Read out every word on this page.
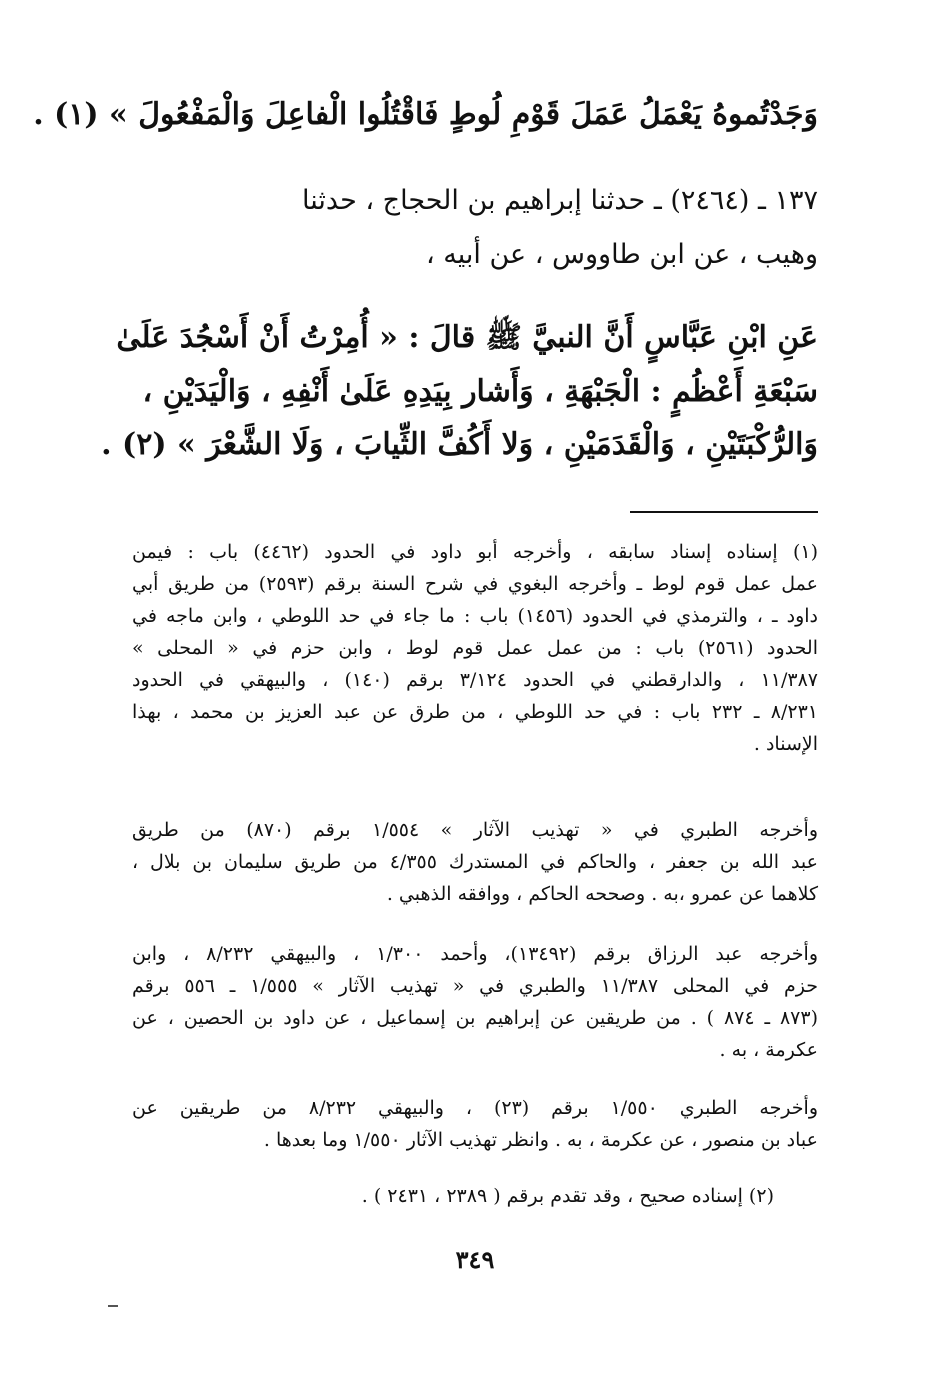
وَجَدْتُموهُ يَعْمَلُ عَمَلَ قَوْمِ لُوطٍ فَاقْتُلُوا الْفاعِلَ وَالْمَفْعُولَ » (١) .
١٣٧ ـ (٢٤٦٤) ـ حدثنا إبراهيم بن الحجاج ، حدثنا
وهيب ، عن ابن طاووس ، عن أبيه ،
عَنِ ابْنِ عَبَّاسٍ أَنَّ النبيَّ ﷺ قالَ : « أُمِرْتُ أَنْ أَسْجُدَ عَلَىٰ
سَبْعَةِ أَعْظُمٍ : الْجَبْهَةِ ، وَأَشار بِيَدِهِ عَلَىٰ أَنْفِهِ ، وَالْيَدَيْنِ ،
وَالرُّكْبَتَيْنِ ، وَالْقَدَمَيْنِ ، وَلا أَكُفَّ الثِّيابَ ، وَلَا الشَّعْرَ » (٢) .
(١) إسناده إسناد سابقه ، وأخرجه أبو داود في الحدود (٤٤٦٢) باب : فيمن
عمل عمل قوم لوط ـ وأخرجه البغوي في شرح السنة برقم (٢٥٩٣) من طريق أبي
داود ـ ، والترمذي في الحدود (١٤٥٦) باب : ما جاء في حد اللوطي ، وابن ماجه في
الحدود (٢٥٦١) باب : من عمل عمل قوم لوط ، وابن حزم في « المحلى »
١١/٣٨٧ ، والدارقطني في الحدود ٣/١٢٤ برقم (١٤٠) ، والبيهقي في الحدود
٨/٢٣١ ـ ٢٣٢ باب : في حد اللوطي ، من طرق عن عبد العزيز بن محمد ، بهذا
الإسناد .
وأخرجه الطبري في « تهذيب الآثار » ١/٥٥٤ برقم (٨٧٠) من طريق
عبد الله بن جعفر ، والحاكم في المستدرك ٤/٣٥٥ من طريق سليمان بن بلال ،
كلاهما عن عمرو ،به . وصححه الحاكم ، ووافقه الذهبي .
وأخرجه عبد الرزاق برقم (١٣٤٩٢)، وأحمد ١/٣٠٠ ، والبيهقي ٨/٢٣٢ ، وابن
حزم في المحلى ١١/٣٨٧ والطبري في « تهذيب الآثار » ١/٥٥٥ ـ ٥٥٦ برقم
(٨٧٣ ـ ٨٧٤ ) . من طريقين عن إبراهيم بن إسماعيل ، عن داود بن الحصين ، عن
عكرمة ، به .
وأخرجه الطبري ١/٥٥٠ برقم (٢٣) ، والبيهقي ٨/٢٣٢ من طريقين عن
عباد بن منصور ، عن عكرمة ، به . وانظر تهذيب الآثار ١/٥٥٠ وما بعدها .
(٢) إسناده صحيح ، وقد تقدم برقم ( ٢٣٨٩ ، ٢٤٣١ ) .
٣٤٩
